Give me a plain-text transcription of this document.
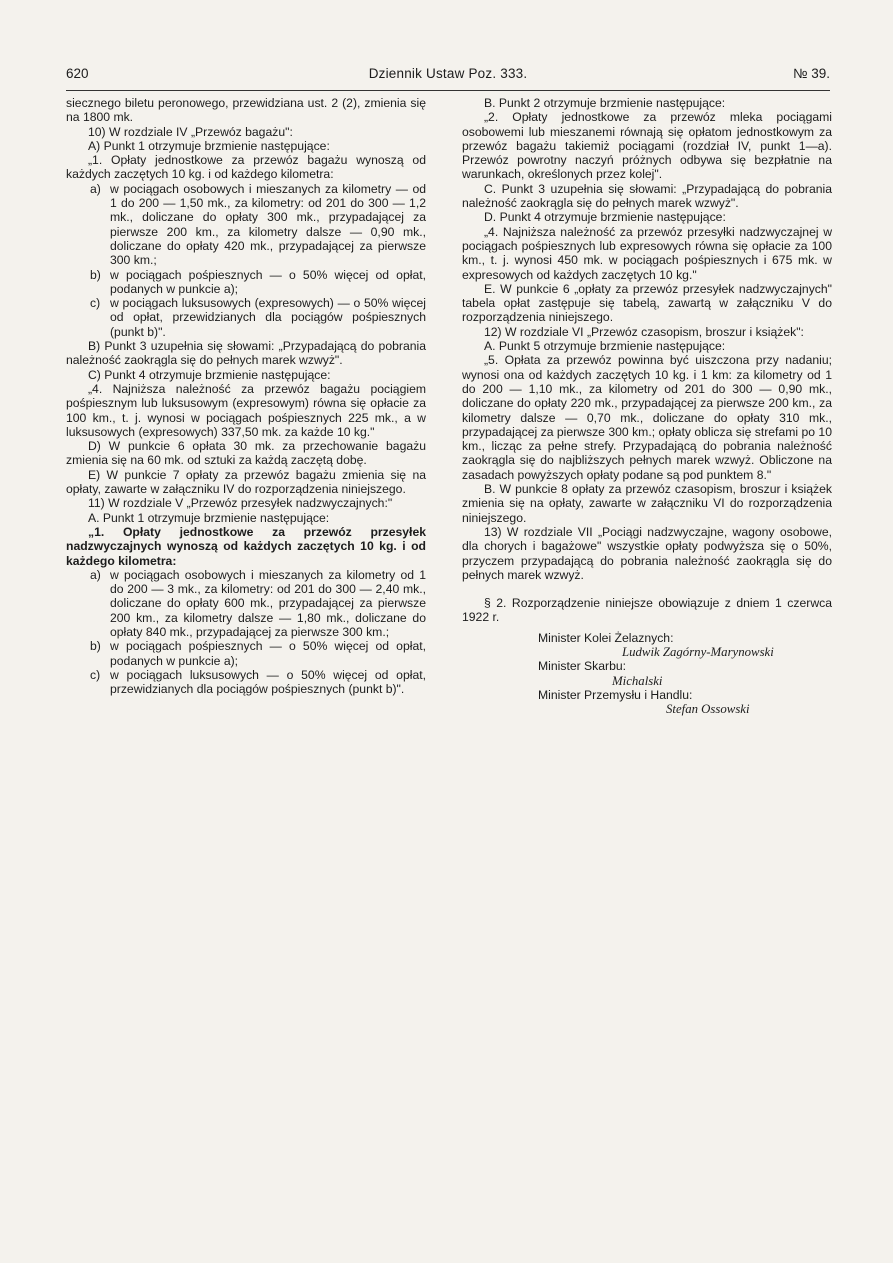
620	Dziennik Ustaw Poz. 333.	№ 39.

siecznego biletu peronowego, przewidziana ust. 2 (2), zmienia się na 1800 mk.

10) W rozdziale IV „Przewóz bagażu":

A) Punkt 1 otrzymuje brzmienie następujące:

„1. Opłaty jednostkowe za przewóz bagażu wynoszą od każdych zaczętych 10 kg. i od każdego kilometra:

a) w pociągach osobowych i mieszanych za kilometry — od 1 do 200 — 1,50 mk., za kilometry: od 201 do 300 — 1,2 mk., doliczane do opłaty 300 mk., przypadającej za pierwsze 200 km., za kilometry dalsze — 0,90 mk., doliczane do opłaty 420 mk., przypadającej za pierwsze 300 km.;
b) w pociągach pośpiesznych — o 50% więcej od opłat, podanych w punkcie a);
c) w pociągach luksusowych (expresowych) — o 50% więcej od opłat, przewidzianych dla pociągów pośpiesznych (punkt b)".

B) Punkt 3 uzupełnia się słowami: „Przypadającą do pobrania należność zaokrągla się do pełnych marek wzwyż".

C) Punkt 4 otrzymuje brzmienie następujące:

„4. Najniższa należność za przewóz bagażu pociągiem pośpiesznym lub luksusowym (expresowym) równa się opłacie za 100 km., t. j. wynosi w pociągach pośpiesznych 225 mk., a w luksusowych (expresowych) 337,50 mk. za każde 10 kg."

D) W punkcie 6 opłata 30 mk. za przechowanie bagażu zmienia się na 60 mk. od sztuki za każdą zaczętą dobę.

E) W punkcie 7 opłaty za przewóz bagażu zmienia się na opłaty, zawarte w załączniku IV do rozporządzenia niniejszego.

11) W rozdziale V „Przewóz przesyłek nadzwyczajnych:"

A. Punkt 1 otrzymuje brzmienie następujące:

„1. Opłaty jednostkowe za przewóz przesyłek nadzwyczajnych wynoszą od każdych zaczętych 10 kg. i od każdego kilometra:

a) w pociągach osobowych i mieszanych za kilometry od 1 do 200 — 3 mk., za kilometry: od 201 do 300 — 2,40 mk., doliczane do opłaty 600 mk., przypadającej za pierwsze 200 km., za kilometry dalsze — 1,80 mk., doliczane do opłaty 840 mk., przypadającej za pierwsze 300 km.;
b) w pociągach pośpiesznych — o 50% więcej od opłat, podanych w punkcie a);
c) w pociągach luksusowych — o 50% więcej od opłat, przewidzianych dla pociągów pośpiesznych (punkt b)".

B. Punkt 2 otrzymuje brzmienie następujące:

„2. Opłaty jednostkowe za przewóz mleka pociągami osobowemi lub mieszanemi równają się opłatom jednostkowym za przewóz bagażu takiemiż pociągami (rozdział IV, punkt 1—a). Przewóz powrotny naczyń próżnych odbywa się bezpłatnie na warunkach, określonych przez kolej".

C. Punkt 3 uzupełnia się słowami: „Przypadającą do pobrania należność zaokrągla się do pełnych marek wzwyż".

D. Punkt 4 otrzymuje brzmienie następujące:

„4. Najniższa należność za przewóz przesyłki nadzwyczajnej w pociągach pośpiesznych lub expresowych równa się opłacie za 100 km., t. j. wynosi 450 mk. w pociągach pośpiesznych i 675 mk. w expresowych od każdych zaczętych 10 kg."

E. W punkcie 6 „opłaty za przewóz przesyłek nadzwyczajnych" tabela opłat zastępuje się tabelą, zawartą w załączniku V do rozporządzenia niniejszego.

12) W rozdziale VI „Przewóz czasopism, broszur i książek":

A. Punkt 5 otrzymuje brzmienie następujące:

„5. Opłata za przewóz powinna być uiszczona przy nadaniu; wynosi ona od każdych zaczętych 10 kg. i 1 km: za kilometry od 1 do 200 — 1,10 mk., za kilometry od 201 do 300 — 0,90 mk., doliczane do opłaty 220 mk., przypadającej za pierwsze 200 km., za kilometry dalsze — 0,70 mk., doliczane do opłaty 310 mk., przypadającej za pierwsze 300 km.; opłaty oblicza się strefami po 10 km., licząc za pełne strefy. Przypadającą do pobrania należność zaokrągla się do najbliższych pełnych marek wzwyż. Obliczone na zasadach powyższych opłaty podane są pod punktem 8."

B. W punkcie 8 opłaty za przewóz czasopism, broszur i książek zmienia się na opłaty, zawarte w załączniku VI do rozporządzenia niniejszego.

13) W rozdziale VII „Pociągi nadzwyczajne, wagony osobowe, dla chorych i bagażowe" wszystkie opłaty podwyższa się o 50%, przyczem przypadającą do pobrania należność zaokrągla się do pełnych marek wzwyż.

§ 2. Rozporządzenie niniejsze obowiązuje z dniem 1 czerwca 1922 r.

Minister Kolei Żelaznych:
Ludwik Zagórny-Marynowski
Minister Skarbu:
Michalski
Minister Przemysłu i Handlu:
Stefan Ossowski
